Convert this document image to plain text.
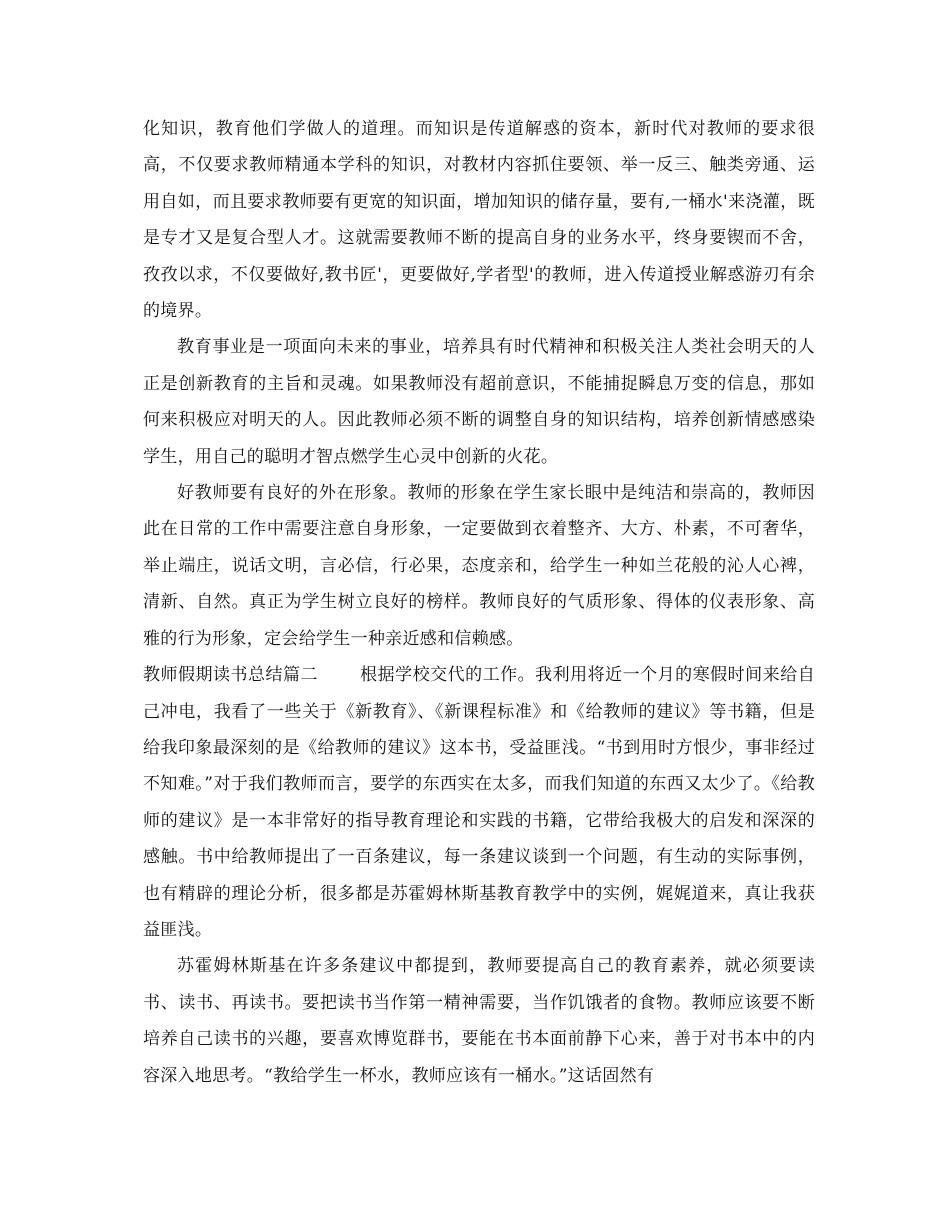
化知识，教育他们学做人的道理。而知识是传道解惑的资本，新时代对教师的要求很高，不仅要求教师精通本学科的知识，对教材内容抓住要领、举一反三、触类旁通、运用自如，而且要求教师要有更宽的知识面，增加知识的储存量，要有,一桶水'来浇灌，既是专才又是复合型人才。这就需要教师不断的提高自身的业务水平，终身要锲而不舍，孜孜以求，不仅要做好,教书匠'，更要做好,学者型'的教师，进入传道授业解惑游刃有余的境界。

教育事业是一项面向未来的事业，培养具有时代精神和积极关注人类社会明天的人正是创新教育的主旨和灵魂。如果教师没有超前意识，不能捕捉瞬息万变的信息，那如何来积极应对明天的人。因此教师必须不断的调整自身的知识结构，培养创新情感感染学生，用自己的聪明才智点燃学生心灵中创新的火花。

好教师要有良好的外在形象。教师的形象在学生家长眼中是纯洁和崇高的，教师因此在日常的工作中需要注意自身形象，一定要做到衣着整齐、大方、朴素，不可奢华，举止端庄，说话文明，言必信，行必果，态度亲和，给学生一种如兰花般的沁人心裨，清新、自然。真正为学生树立良好的榜样。教师良好的气质形象、得体的仪表形象、高雅的行为形象，定会给学生一种亲近感和信赖感。

教师假期读书总结篇二 根据学校交代的工作。我利用将近一个月的寒假时间来给自己冲电，我看了一些关于《新教育》、《新课程标准》和《给教师的建议》等书籍，但是给我印象最深刻的是《给教师的建议》这本书，受益匪浅。“书到用时方恨少，事非经过不知难。”对于我们教师而言，要学的东西实在太多，而我们知道的东西又太少了。《给教师的建议》是一本非常好的指导教育理论和实践的书籍，它带给我极大的启发和深深的感触。书中给教师提出了一百条建议，每一条建议谈到一个问题，有生动的实际事例，也有精辟的理论分析，很多都是苏霍姆林斯基教育教学中的实例，娓娓道来，真让我获益匪浅。

苏霍姆林斯基在许多条建议中都提到，教师要提高自己的教育素养，就必须要读书、读书、再读书。要把读书当作第一精神需要，当作饥饿者的食物。教师应该要不断培养自己读书的兴趣，要喜欢博览群书，要能在书本面前静下心来，善于对书本中的内容深入地思考。“教给学生一杯水，教师应该有一桶水。”这话固然有
